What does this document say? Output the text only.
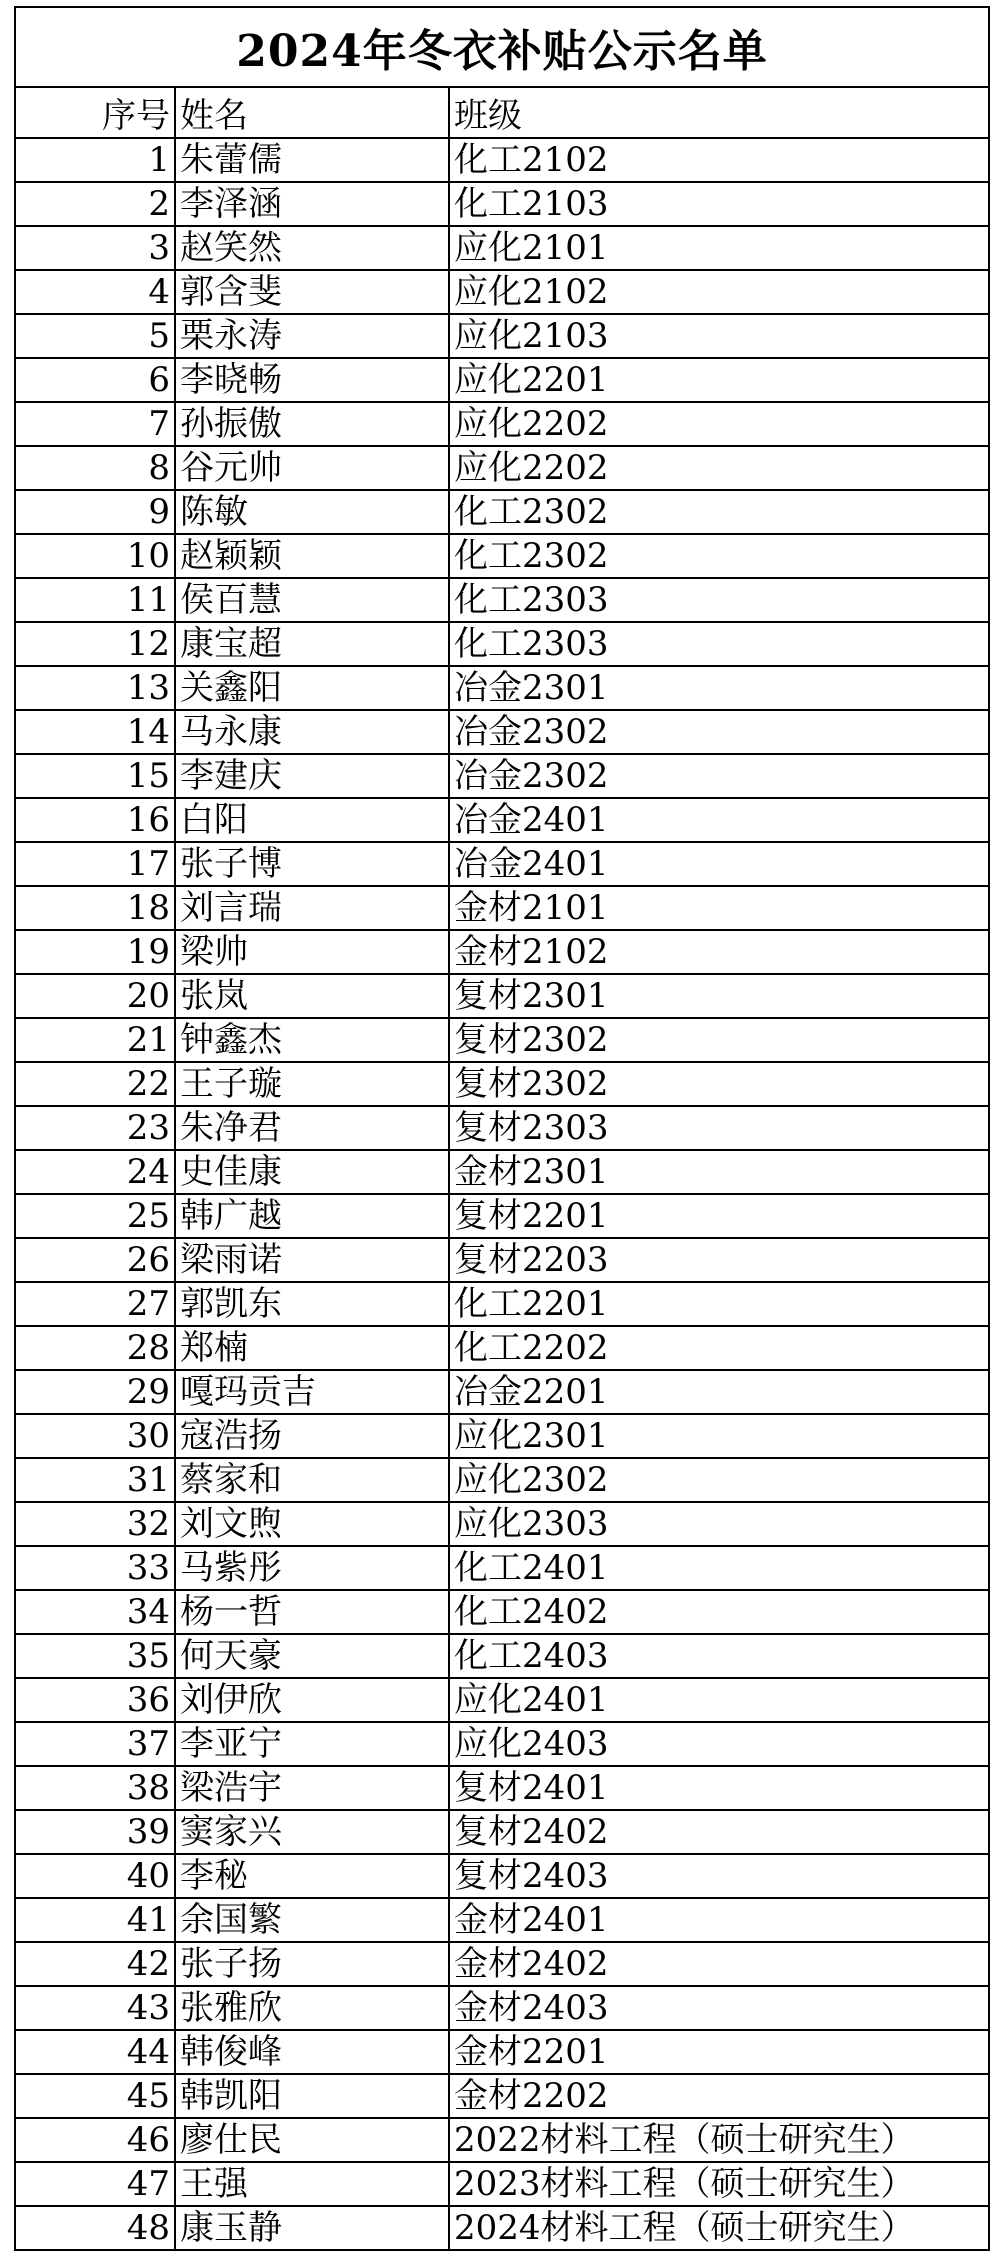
2024年冬衣补贴公示名单		
序号	姓名	班级
1	朱蕾儒	化工2102
2	李泽涵	化工2103
3	赵笑然	应化2101
4	郭含斐	应化2102
5	栗永涛	应化2103
6	李晓畅	应化2201
7	孙振傲	应化2202
8	谷元帅	应化2202
9	陈敏	化工2302
10	赵颖颖	化工2302
11	侯百慧	化工2303
12	康宝超	化工2303
13	关鑫阳	冶金2301
14	马永康	冶金2302
15	李建庆	冶金2302
16	白阳	冶金2401
17	张子博	冶金2401
18	刘言瑞	金材2101
19	梁帅	金材2102
20	张岚	复材2301
21	钟鑫杰	复材2302
22	王子璇	复材2302
23	朱净君	复材2303
24	史佳康	金材2301
25	韩广越	复材2201
26	梁雨诺	复材2203
27	郭凯东	化工2201
28	郑楠	化工2202
29	嘎玛贡吉	冶金2201
30	寇浩扬	应化2301
31	蔡家和	应化2302
32	刘文煦	应化2303
33	马紫彤	化工2401
34	杨一哲	化工2402
35	何天豪	化工2403
36	刘伊欣	应化2401
37	李亚宁	应化2403
38	梁浩宇	复材2401
39	窦家兴	复材2402
40	李秘	复材2403
41	余国繁	金材2401
42	张子扬	金材2402
43	张雅欣	金材2403
44	韩俊峰	金材2201
45	韩凯阳	金材2202
46	廖仕民	2022材料工程（硕士研究生）
47	王强	2023材料工程（硕士研究生）
48	康玉静	2024材料工程（硕士研究生）
